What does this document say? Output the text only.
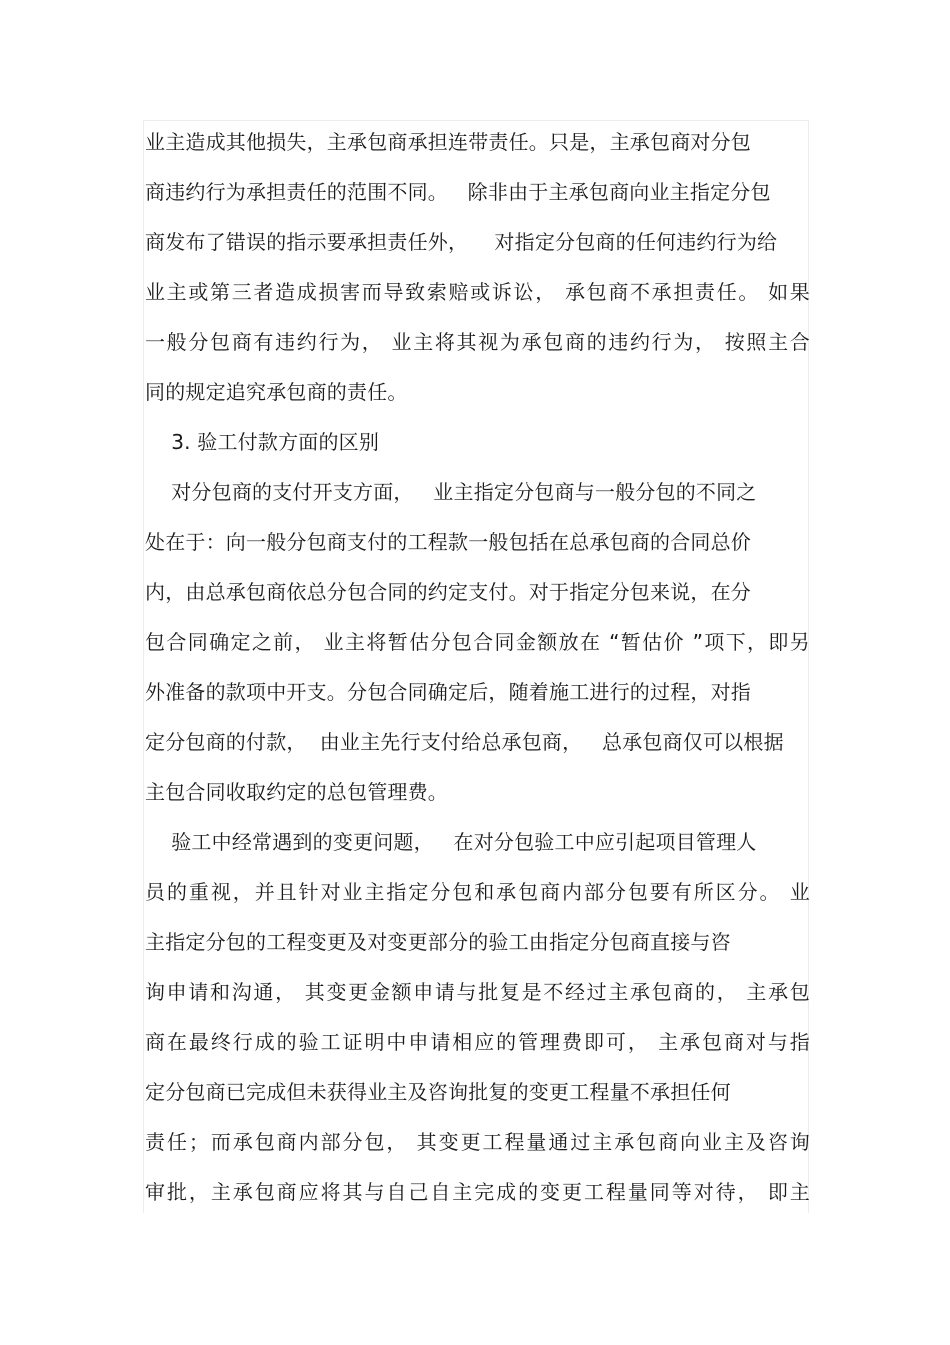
业主造成其他损失，主承包商承担连带责任。只是，主承包商对分包
商违约行为承担责任的范围不同。   除非由于主承包商向业主指定分包
商发布了错误的指示要承担责任外，    对指定分包商的任何违约行为给
业主或第三者造成损害而导致索赔或诉讼， 承包商不承担责任。 如果
一般分包商有违约行为， 业主将其视为承包商的违约行为， 按照主合
同的规定追究承包商的责任。
3. 验工付款方面的区别
对分包商的支付开支方面，   业主指定分包商与一般分包的不同之
处在于：向一般分包商支付的工程款一般包括在总承包商的合同总价
内，由总承包商依总分包合同的约定支付。对于指定分包来说，在分
包合同确定之前， 业主将暂估分包合同金额放在 “暂估价 ”项下，即另
外准备的款项中开支。分包合同确定后，随着施工进行的过程，对指
定分包商的付款，  由业主先行支付给总承包商，   总承包商仅可以根据
主包合同收取约定的总包管理费。
验工中经常遇到的变更问题，   在对分包验工中应引起项目管理人
员的重视，并且针对业主指定分包和承包商内部分包要有所区分。 业
主指定分包的工程变更及对变更部分的验工由指定分包商直接与咨
询申请和沟通， 其变更金额申请与批复是不经过主承包商的， 主承包
商在最终行成的验工证明中申请相应的管理费即可， 主承包商对与指
定分包商已完成但未获得业主及咨询批复的变更工程量不承担任何
责任；而承包商内部分包， 其变更工程量通过主承包商向业主及咨询
审批，主承包商应将其与自己自主完成的变更工程量同等对待， 即主
